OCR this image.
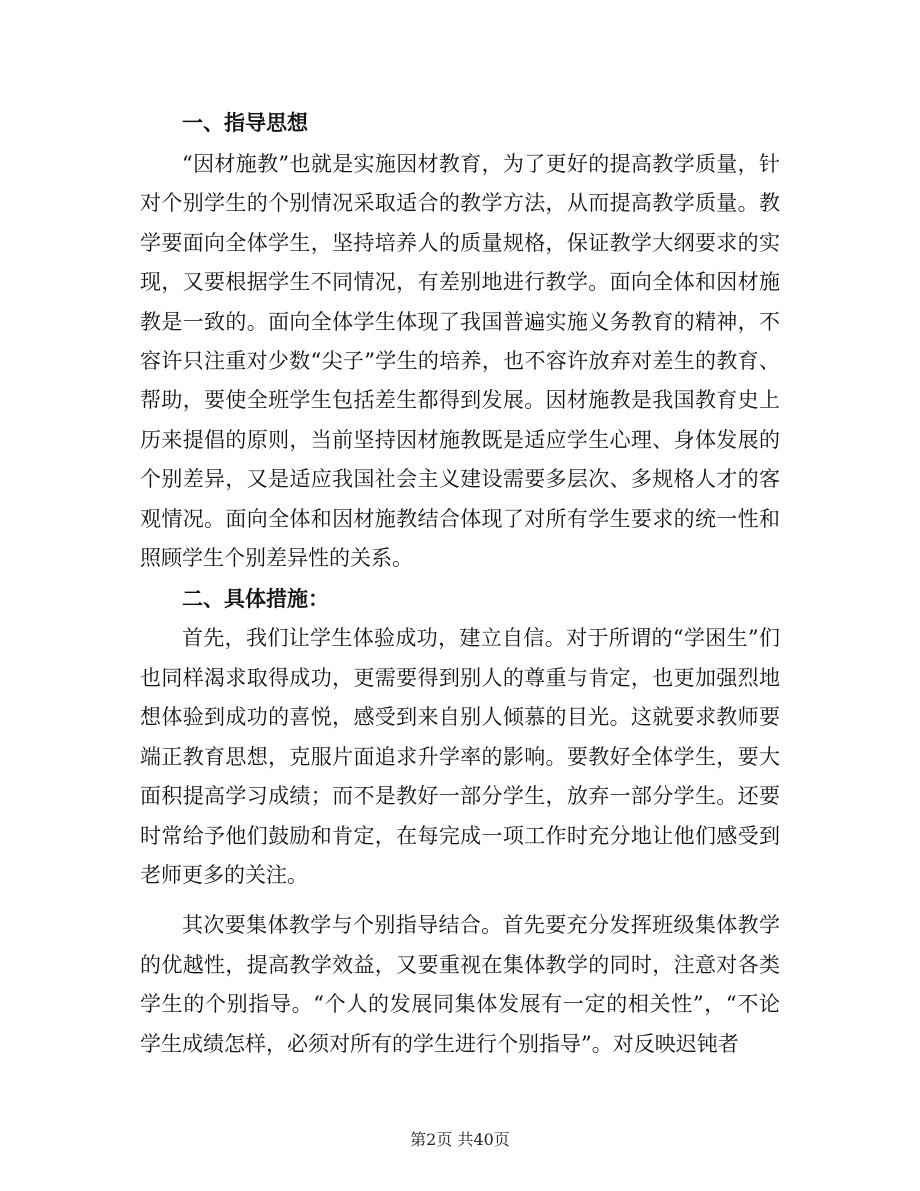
一、指导思想

“因材施教”也就是实施因材教育，为了更好的提高教学质量，针对个别学生的个别情况采取适合的教学方法，从而提高教学质量。教学要面向全体学生，坚持培养人的质量规格，保证教学大纲要求的实现，又要根据学生不同情况，有差别地进行教学。面向全体和因材施教是一致的。面向全体学生体现了我国普遍实施义务教育的精神，不容许只注重对少数“尖子”学生的培养，也不容许放弃对差生的教育、帮助，要使全班学生包括差生都得到发展。因材施教是我国教育史上历来提倡的原则，当前坚持因材施教既是适应学生心理、身体发展的个别差异，又是适应我国社会主义建设需要多层次、多规格人才的客观情况。面向全体和因材施教结合体现了对所有学生要求的统一性和照顾学生个别差异性的关系。

二、具体措施：

首先，我们让学生体验成功，建立自信。对于所谓的“学困生”们也同样渴求取得成功，更需要得到别人的尊重与肯定，也更加强烈地想体验到成功的喜悦，感受到来自别人倾慕的目光。这就要求教师要端正教育思想，克服片面追求升学率的影响。要教好全体学生，要大面积提高学习成绩；而不是教好一部分学生，放弃一部分学生。还要时常给予他们鼓励和肯定，在每完成一项工作时充分地让他们感受到老师更多的关注。

其次要集体教学与个别指导结合。首先要充分发挥班级集体教学的优越性，提高教学效益，又要重视在集体教学的同时，注意对各类学生的个别指导。“个人的发展同集体发展有一定的相关性”，“不论学生成绩怎样，必须对所有的学生进行个别指导”。对反映迟钝者

第2页 共40页
